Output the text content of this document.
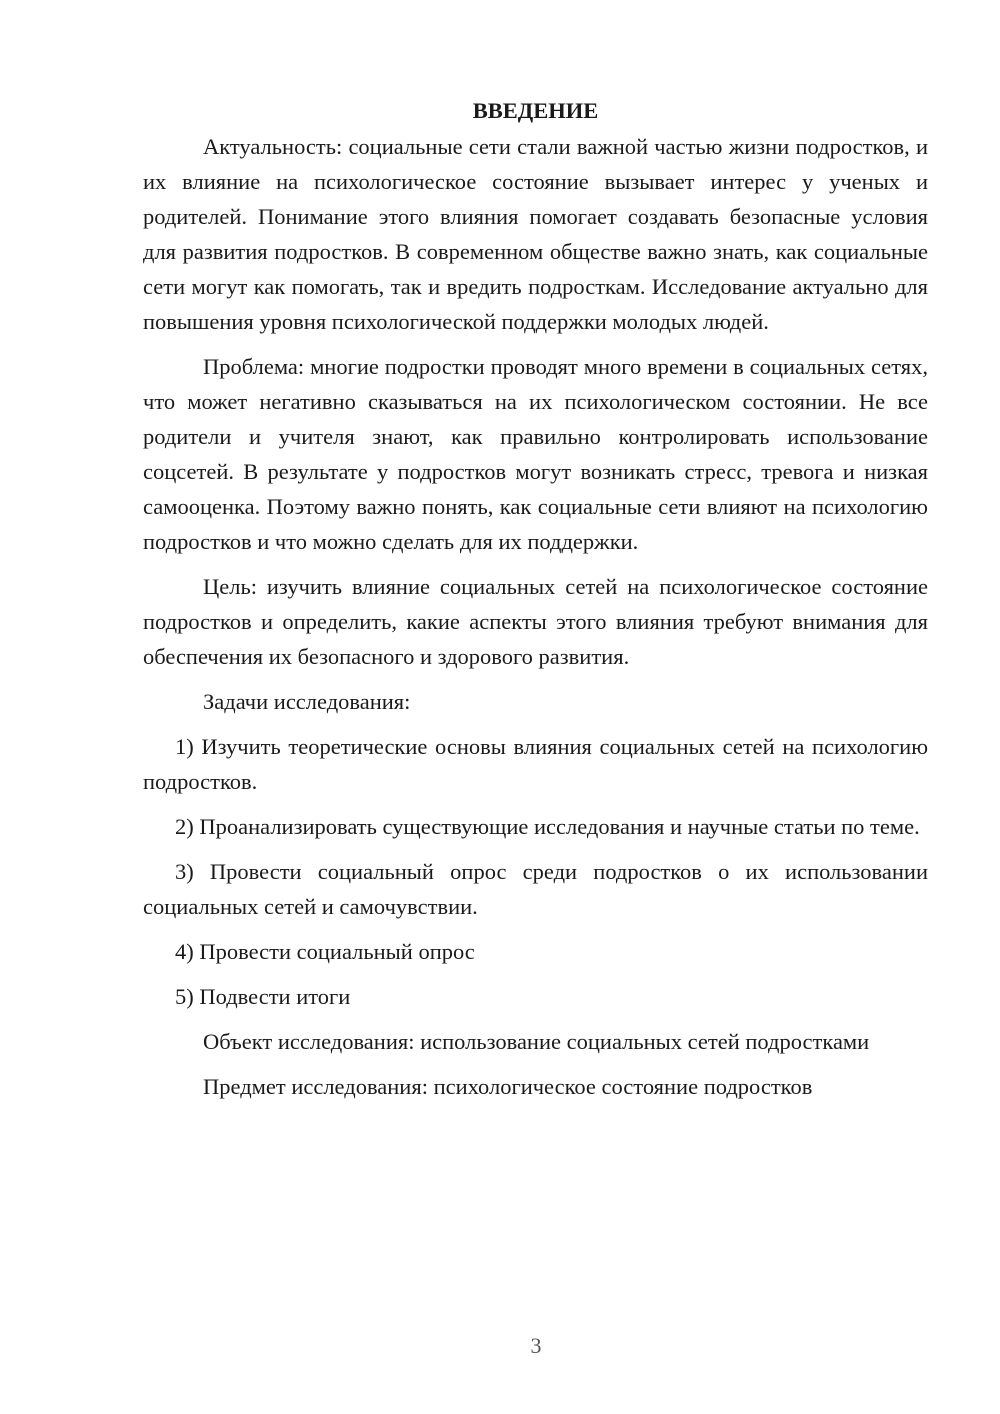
ВВЕДЕНИЕ

Актуальность: социальные сети стали важной частью жизни подростков, и их влияние на психологическое состояние вызывает интерес у ученых и родителей. Понимание этого влияния помогает создавать безопасные условия для развития подростков. В современном обществе важно знать, как социальные сети могут как помогать, так и вредить подросткам. Исследование актуально для повышения уровня психологической поддержки молодых людей.

Проблема: многие подростки проводят много времени в социальных сетях, что может негативно сказываться на их психологическом состоянии. Не все родители и учителя знают, как правильно контролировать использование соцсетей. В результате у подростков могут возникать стресс, тревога и низкая самооценка. Поэтому важно понять, как социальные сети влияют на психологию подростков и что можно сделать для их поддержки.

Цель: изучить влияние социальных сетей на психологическое состояние подростков и определить, какие аспекты этого влияния требуют внимания для обеспечения их безопасного и здорового развития.

Задачи исследования:

1) Изучить теоретические основы влияния социальных сетей на психологию подростков.

2) Проанализировать существующие исследования и научные статьи по теме.

3) Провести социальный опрос среди подростков о их использовании социальных сетей и самочувствии.

4) Провести социальный опрос

5) Подвести итоги

Объект исследования: использование социальных сетей подростками

Предмет исследования: психологическое состояние подростков

3
